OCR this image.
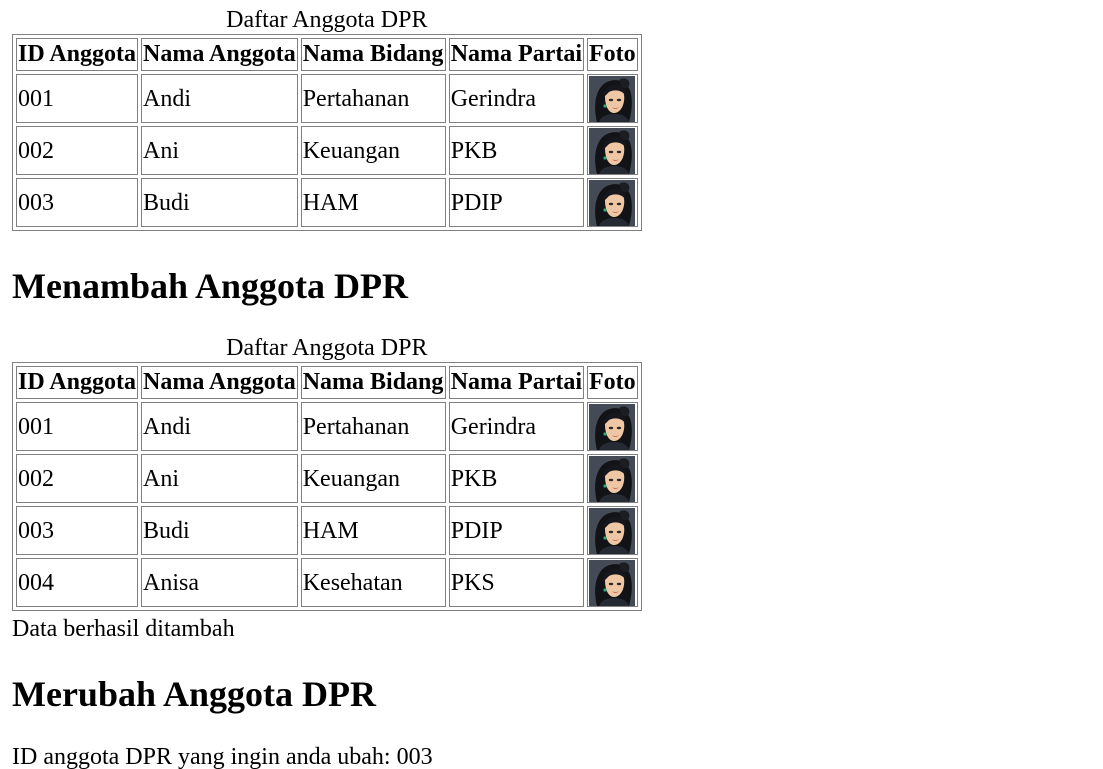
Daftar Anggota DPR
ID Anggota	Nama Anggota	Nama Bidang	Nama Partai	Foto
001	Andi	Pertahanan	Gerindra	

002	Ani	Keuangan	PKB	

003	Budi	HAM	PDIP	
Menambah Anggota DPR
Daftar Anggota DPR
ID Anggota	Nama Anggota	Nama Bidang	Nama Partai	Foto
001	Andi	Pertahanan	Gerindra	

002	Ani	Keuangan	PKB	

003	Budi	HAM	PDIP	

004	Anisa	Kesehatan	PKS	

Data berhasil ditambah

Merubah Anggota DPR

ID anggota DPR yang ingin anda ubah: 003
